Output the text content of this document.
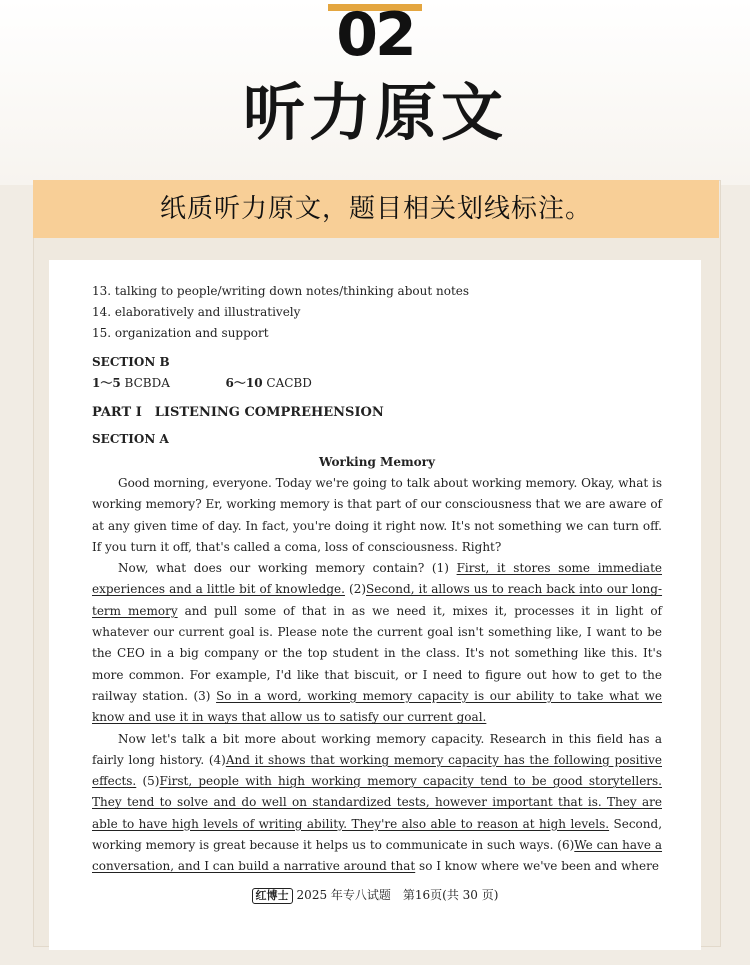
02
听力原文
纸质听力原文，题目相关划线标注。
13. talking to people/writing down notes/thinking about notes
14. elaboratively and illustratively
15. organization and support
SECTION B
1～5 BCBDA	6～10 CACBD
PART I　LISTENING COMPREHENSION
SECTION A
Working Memory

Good morning, everyone. Today we're going to talk about working memory. Okay, what is working memory? Er, working memory is that part of our consciousness that we are aware of at any given time of day. In fact, you're doing it right now. It's not something we can turn off. If you turn it off, that's called a coma, loss of consciousness. Right?

Now, what does our working memory contain? (1) First, it stores some immediate experiences and a little bit of knowledge. (2)Second, it allows us to reach back into our long-term memory and pull some of that in as we need it, mixes it, processes it in light of whatever our current goal is. Please note the current goal isn't something like, I want to be the CEO in a big company or the top student in the class. It's not something like this. It's more common. For example, I'd like that biscuit, or I need to figure out how to get to the railway station. (3) So in a word, working memory capacity is our ability to take what we know and use it in ways that allow us to satisfy our current goal.

Now let's talk a bit more about working memory capacity. Research in this field has a fairly long history. (4)And it shows that working memory capacity has the following positive effects. (5)First, people with high working memory capacity tend to be good storytellers. They tend to solve and do well on standardized tests, however important that is. They are able to have high levels of writing ability. They're also able to reason at high levels. Second, working memory is great because it helps us to communicate in such ways. (6)We can have a conversation, and I can build a narrative around that so I know where we've been and where

红博士 2025 年专八试题　第16页(共 30 页)
